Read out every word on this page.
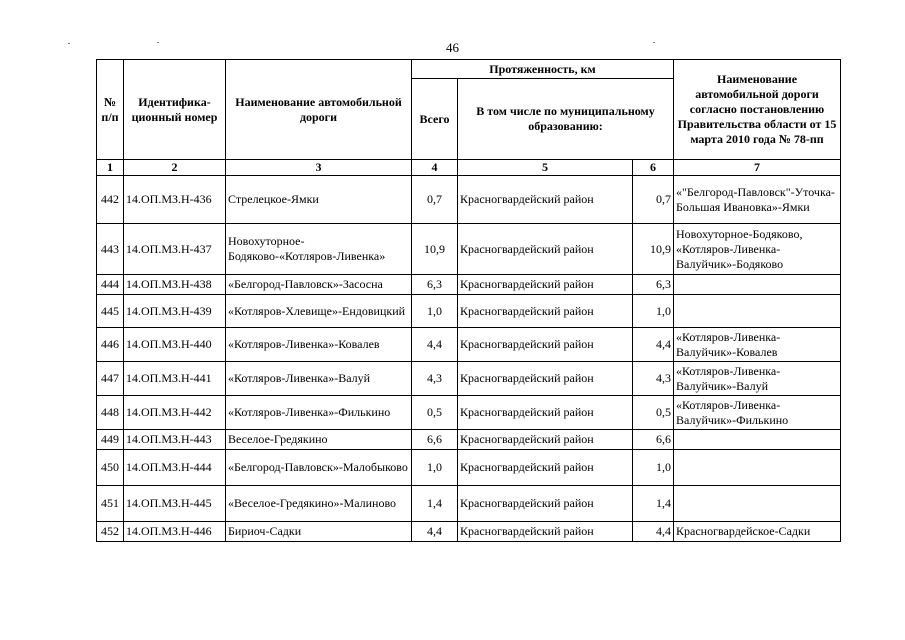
46
№ п/п	Идентифика-ционный номер	Наименование автомобильной дороги	Протяженность, км			Наименование автомобильной дороги согласно постановлению Правительства области от 15 марта 2010 года № 78-пп
			Всего	В том числе по муниципальному образованию:		
1	2	3	4	5	6	7
442	14.ОП.МЗ.Н-436	Стрелецкое-Ямки	0,7	Красногвардейский район	0,7	«"Белгород-Павловск"-Уточка-Большая Ивановка»-Ямки
443	14.ОП.МЗ.Н-437	Новохуторное-Бодяково-«Котляров-Ливенка»	10,9	Красногвардейский район	10,9	Новохуторное-Бодяково, «Котляров-Ливенка-Валуйчик»-Бодяково
444	14.ОП.МЗ.Н-438	«Белгород-Павловск»-Засосна	6,3	Красногвардейский район	6,3	
445	14.ОП.МЗ.Н-439	«Котляров-Хлевище»-Ендовицкий	1,0	Красногвардейский район	1,0	
446	14.ОП.МЗ.Н-440	«Котляров-Ливенка»-Ковалев	4,4	Красногвардейский район	4,4	«Котляров-Ливенка-Валуйчик»-Ковалев
447	14.ОП.МЗ.Н-441	«Котляров-Ливенка»-Валуй	4,3	Красногвардейский район	4,3	«Котляров-Ливенка-Валуйчик»-Валуй
448	14.ОП.МЗ.Н-442	«Котляров-Ливенка»-Филькино	0,5	Красногвардейский район	0,5	«Котляров-Ливенка-Валуйчик»-Филькино
449	14.ОП.МЗ.Н-443	Веселое-Гредякино	6,6	Красногвардейский район	6,6	
450	14.ОП.МЗ.Н-444	«Белгород-Павловск»-Малобыково	1,0	Красногвардейский район	1,0	
451	14.ОП.МЗ.Н-445	«Веселое-Гредякино»-Малиново	1,4	Красногвардейский район	1,4	
452	14.ОП.МЗ.Н-446	Бириоч-Садки	4,4	Красногвардейский район	4,4	Красногвардейское-Садки
